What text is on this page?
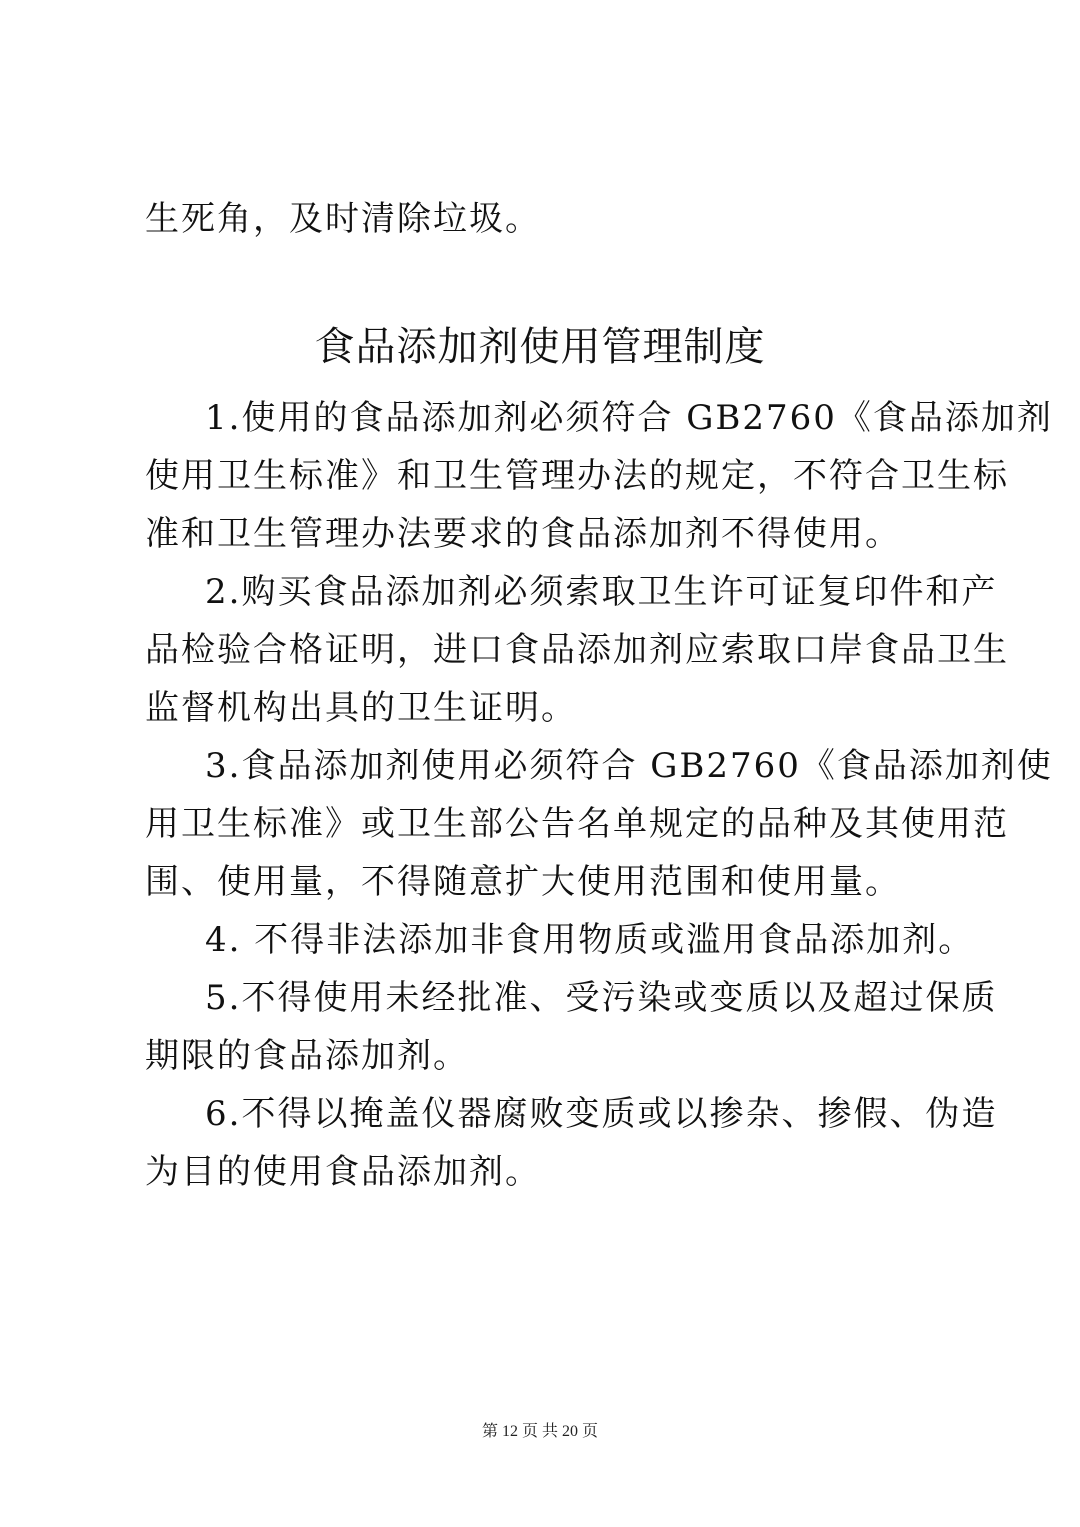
生死角，及时清除垃圾。
食品添加剂使用管理制度
1.使用的食品添加剂必须符合 GB2760《食品添加剂
使用卫生标准》和卫生管理办法的规定，不符合卫生标
准和卫生管理办法要求的食品添加剂不得使用。
2.购买食品添加剂必须索取卫生许可证复印件和产
品检验合格证明，进口食品添加剂应索取口岸食品卫生
监督机构出具的卫生证明。
3.食品添加剂使用必须符合 GB2760《食品添加剂使
用卫生标准》或卫生部公告名单规定的品种及其使用范
围、使用量，不得随意扩大使用范围和使用量。
4. 不得非法添加非食用物质或滥用食品添加剂。
5.不得使用未经批准、受污染或变质以及超过保质
期限的食品添加剂。
6.不得以掩盖仪器腐败变质或以掺杂、掺假、伪造
为目的使用食品添加剂。
第 12 页 共 20 页
